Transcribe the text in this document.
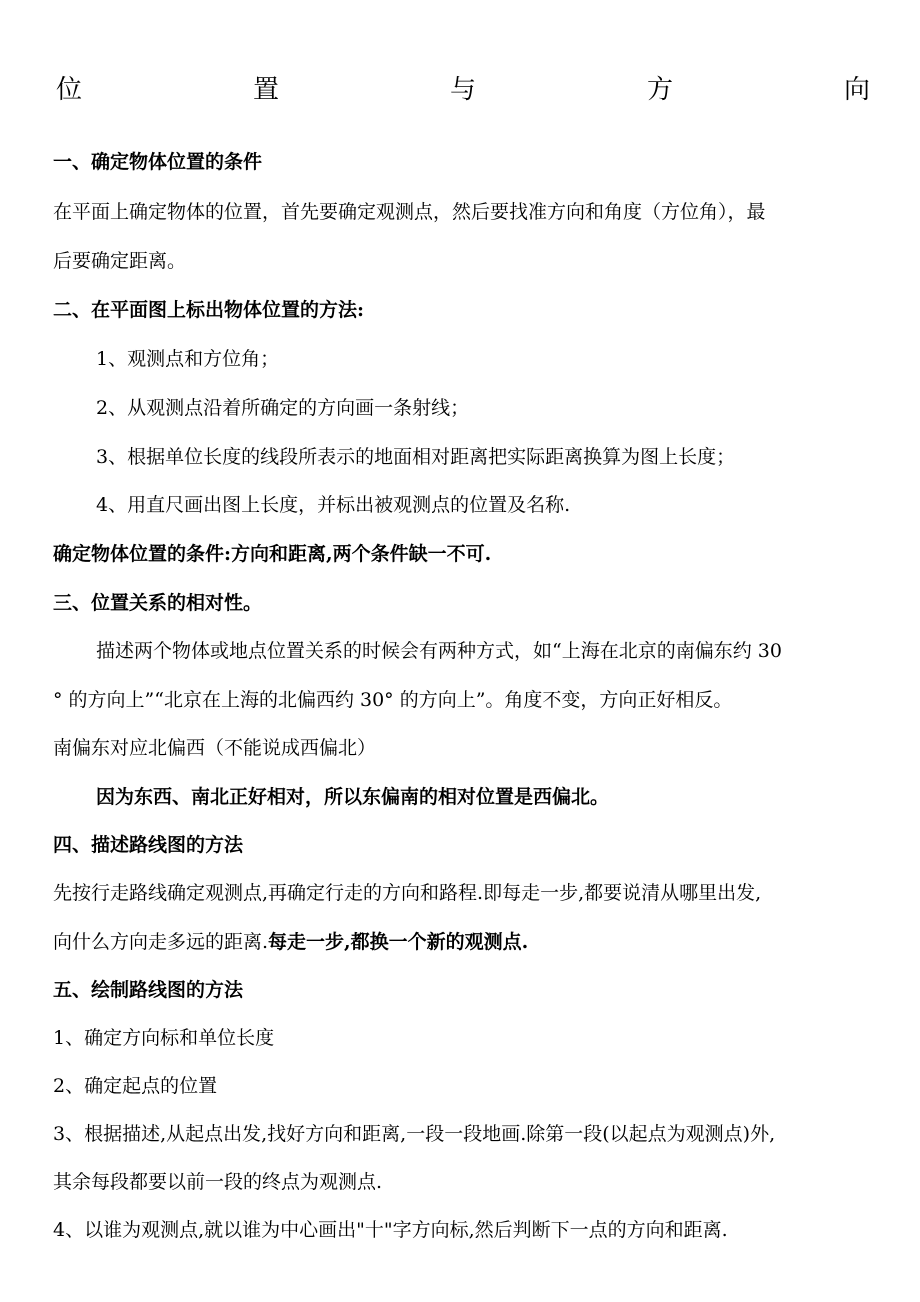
位	置	与	方	向
一、确定物体位置的条件
在平面上确定物体的位置，首先要确定观测点，然后要找准方向和角度（方位角），最
后要确定距离。
二、在平面图上标出物体位置的方法:
1、观测点和方位角；
2、从观测点沿着所确定的方向画一条射线；
3、根据单位长度的线段所表示的地面相对距离把实际距离换算为图上长度；
4、用直尺画出图上长度，并标出被观测点的位置及名称.
确定物体位置的条件:方向和距离,两个条件缺一不可.
三、位置关系的相对性。
描述两个物体或地点位置关系的时候会有两种方式，如“上海在北京的南偏东约 30
° 的方向上”“北京在上海的北偏西约 30° 的方向上”。角度不变，方向正好相反。
南偏东对应北偏西（不能说成西偏北）
因为东西、南北正好相对，所以东偏南的相对位置是西偏北。
四、描述路线图的方法
先按行走路线确定观测点,再确定行走的方向和路程.即每走一步,都要说清从哪里出发,
向什么方向走多远的距离.每走一步,都换一个新的观测点.
五、绘制路线图的方法
1、确定方向标和单位长度
2、确定起点的位置
3、根据描述,从起点出发,找好方向和距离,一段一段地画.除第一段(以起点为观测点)外,
其余每段都要以前一段的终点为观测点.
4、以谁为观测点,就以谁为中心画出"十"字方向标,然后判断下一点的方向和距离.
